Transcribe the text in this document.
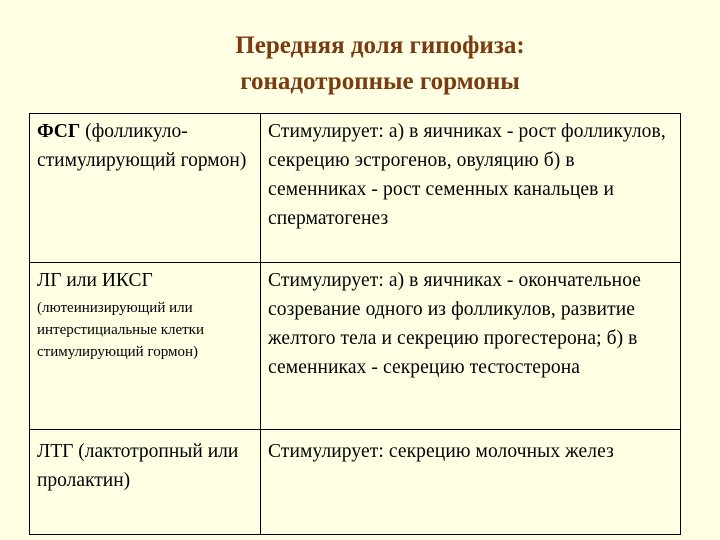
Передняя доля гипофиза:
гонадотропные гормоны
ФСГ (фолликуло-стимулирующий гормон)
Стимулирует: а) в яичниках - рост фолликулов, секрецию эстрогенов, овуляцию б) в семенниках - рост семенных канальцев и сперматогенез
ЛГ или ИКСГ
(лютеинизирующий или интерстициальные клетки стимулирующий гормон)
Стимулирует: а) в яичниках - окончательное созревание одного из фолликулов, развитие желтого тела и секрецию прогестерона; б) в семенниках - секрецию тестостерона
ЛТГ (лактотропный или пролактин)
Стимулирует: секрецию молочных желез
